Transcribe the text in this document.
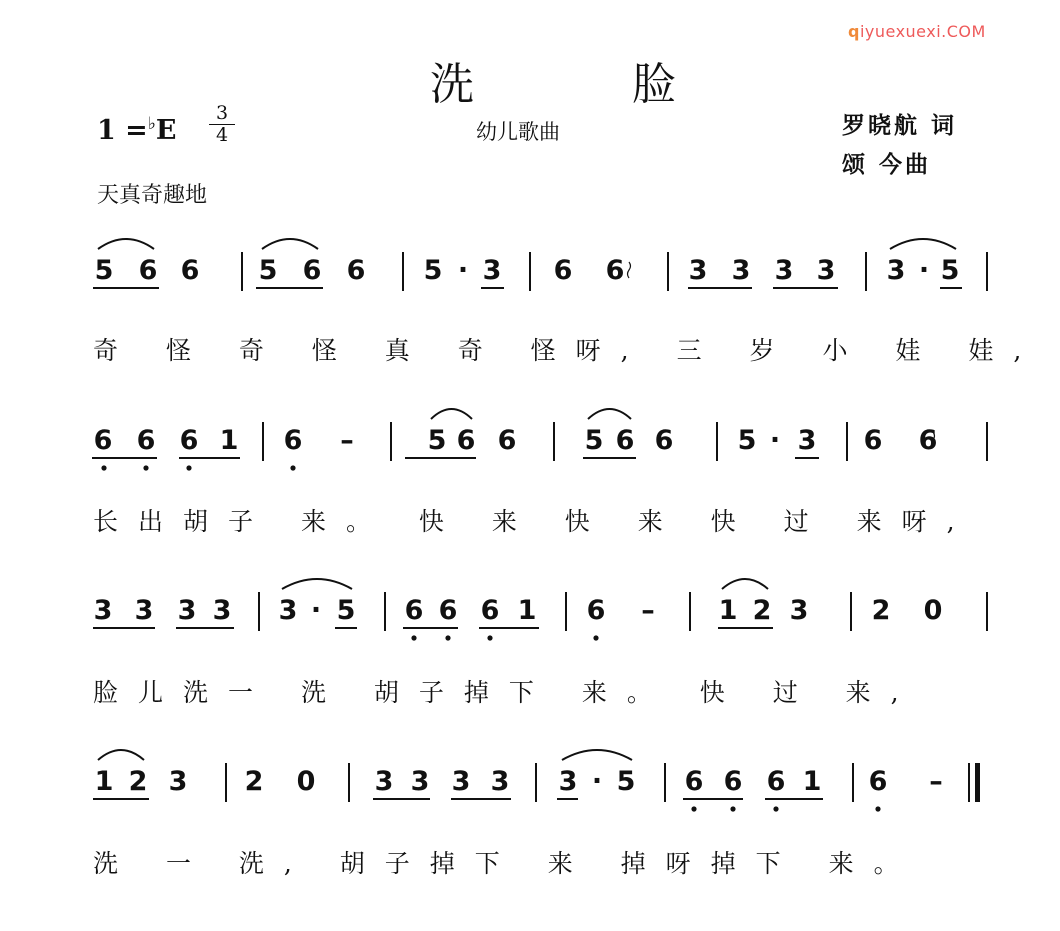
qiyuexuexi.COM
洗 脸
幼儿歌曲
1 =♭E
3
4	罗晓航 词
颂 今曲
天真奇趣地
奇 怪 奇 怪 真 奇 怪呀, 三 岁 小 娃 娃,
长出胡子 来。 快 来 快 来 快 过 来呀,
脸儿洗一 洗 胡子掉下 来。 快 过 来,
洗 一 洗, 胡子掉下 来 掉呀掉下 来。
5 6 6 5 6 6 5 · 3 6 6 3 3 3 3 3 · 5
6 6 6 1 6 –	5 6 6	5 6 6 5 · 3 6 6
3 3 3 3 3 · 5 6 6 6 1 6 – 1 2 3 2 0
1 2 3 2 0 3 3 3 3 3 · 5 6 6 6 1 6 –
